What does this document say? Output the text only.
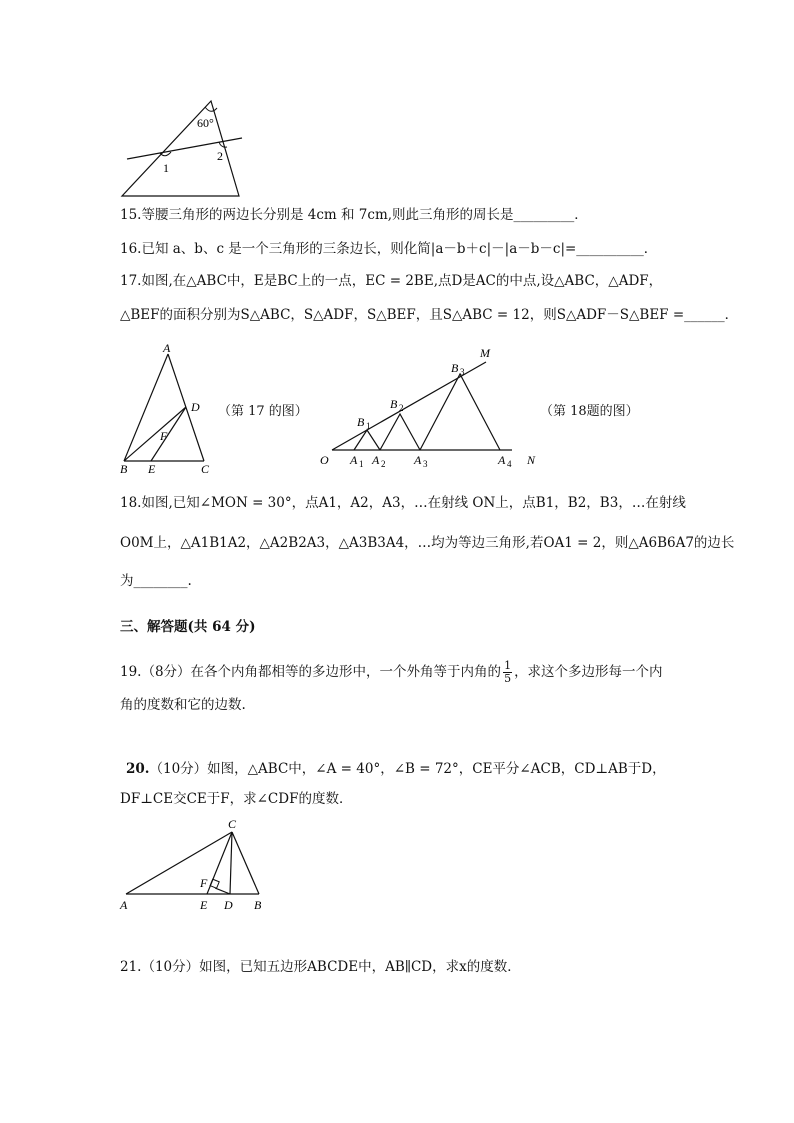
60°
1
2
15.等腰三角形的两边长分别是 4cm 和 7cm,则此三角形的周长是_________．
16.已知 a、b、c 是一个三角形的三条边长，则化简|a－b＋c|－|a－b－c|=__________．
17.如图,在△ABC中，E是BC上的一点，EC = 2BE,点D是AC的中点,设△ABC，△ADF，
△BEF的面积分别为S△ABC，S△ADF，S△BEF，且S△ABC = 12，则S△ADF－S△BEF =______．
A
D
F
B E	C
（第 17 的图）
M
B 3
B 2
B 1
O A 1 A 2 A 3	A 4 N
（第 18题的图）
18.如图,已知∠MON = 30°，点A1，A2，A3，…在射线 ON上，点B1，B2，B3，…在射线
O0M上，△A1B1A2，△A2B2A3，△A3B3A4，…均为等边三角形,若OA1 = 2，则△A6B6A7的边长
为________.
三、解答题(共 64 分)
19.（8分）在各个内角都相等的多边形中，一个外角等于内角的 $\frac{1}{5}$ ，求这个多边形每一个内
角的度数和它的边数.
20.（10分）如图，△ABC中，∠A = 40°，∠B = 72°，CE平分∠ACB，CD⊥AB于D，
DF⊥CE交CE于F，求∠CDF的度数．
C
F
A	E D B
21.（10分）如图，已知五边形ABCDE中，AB∥CD，求x的度数．
